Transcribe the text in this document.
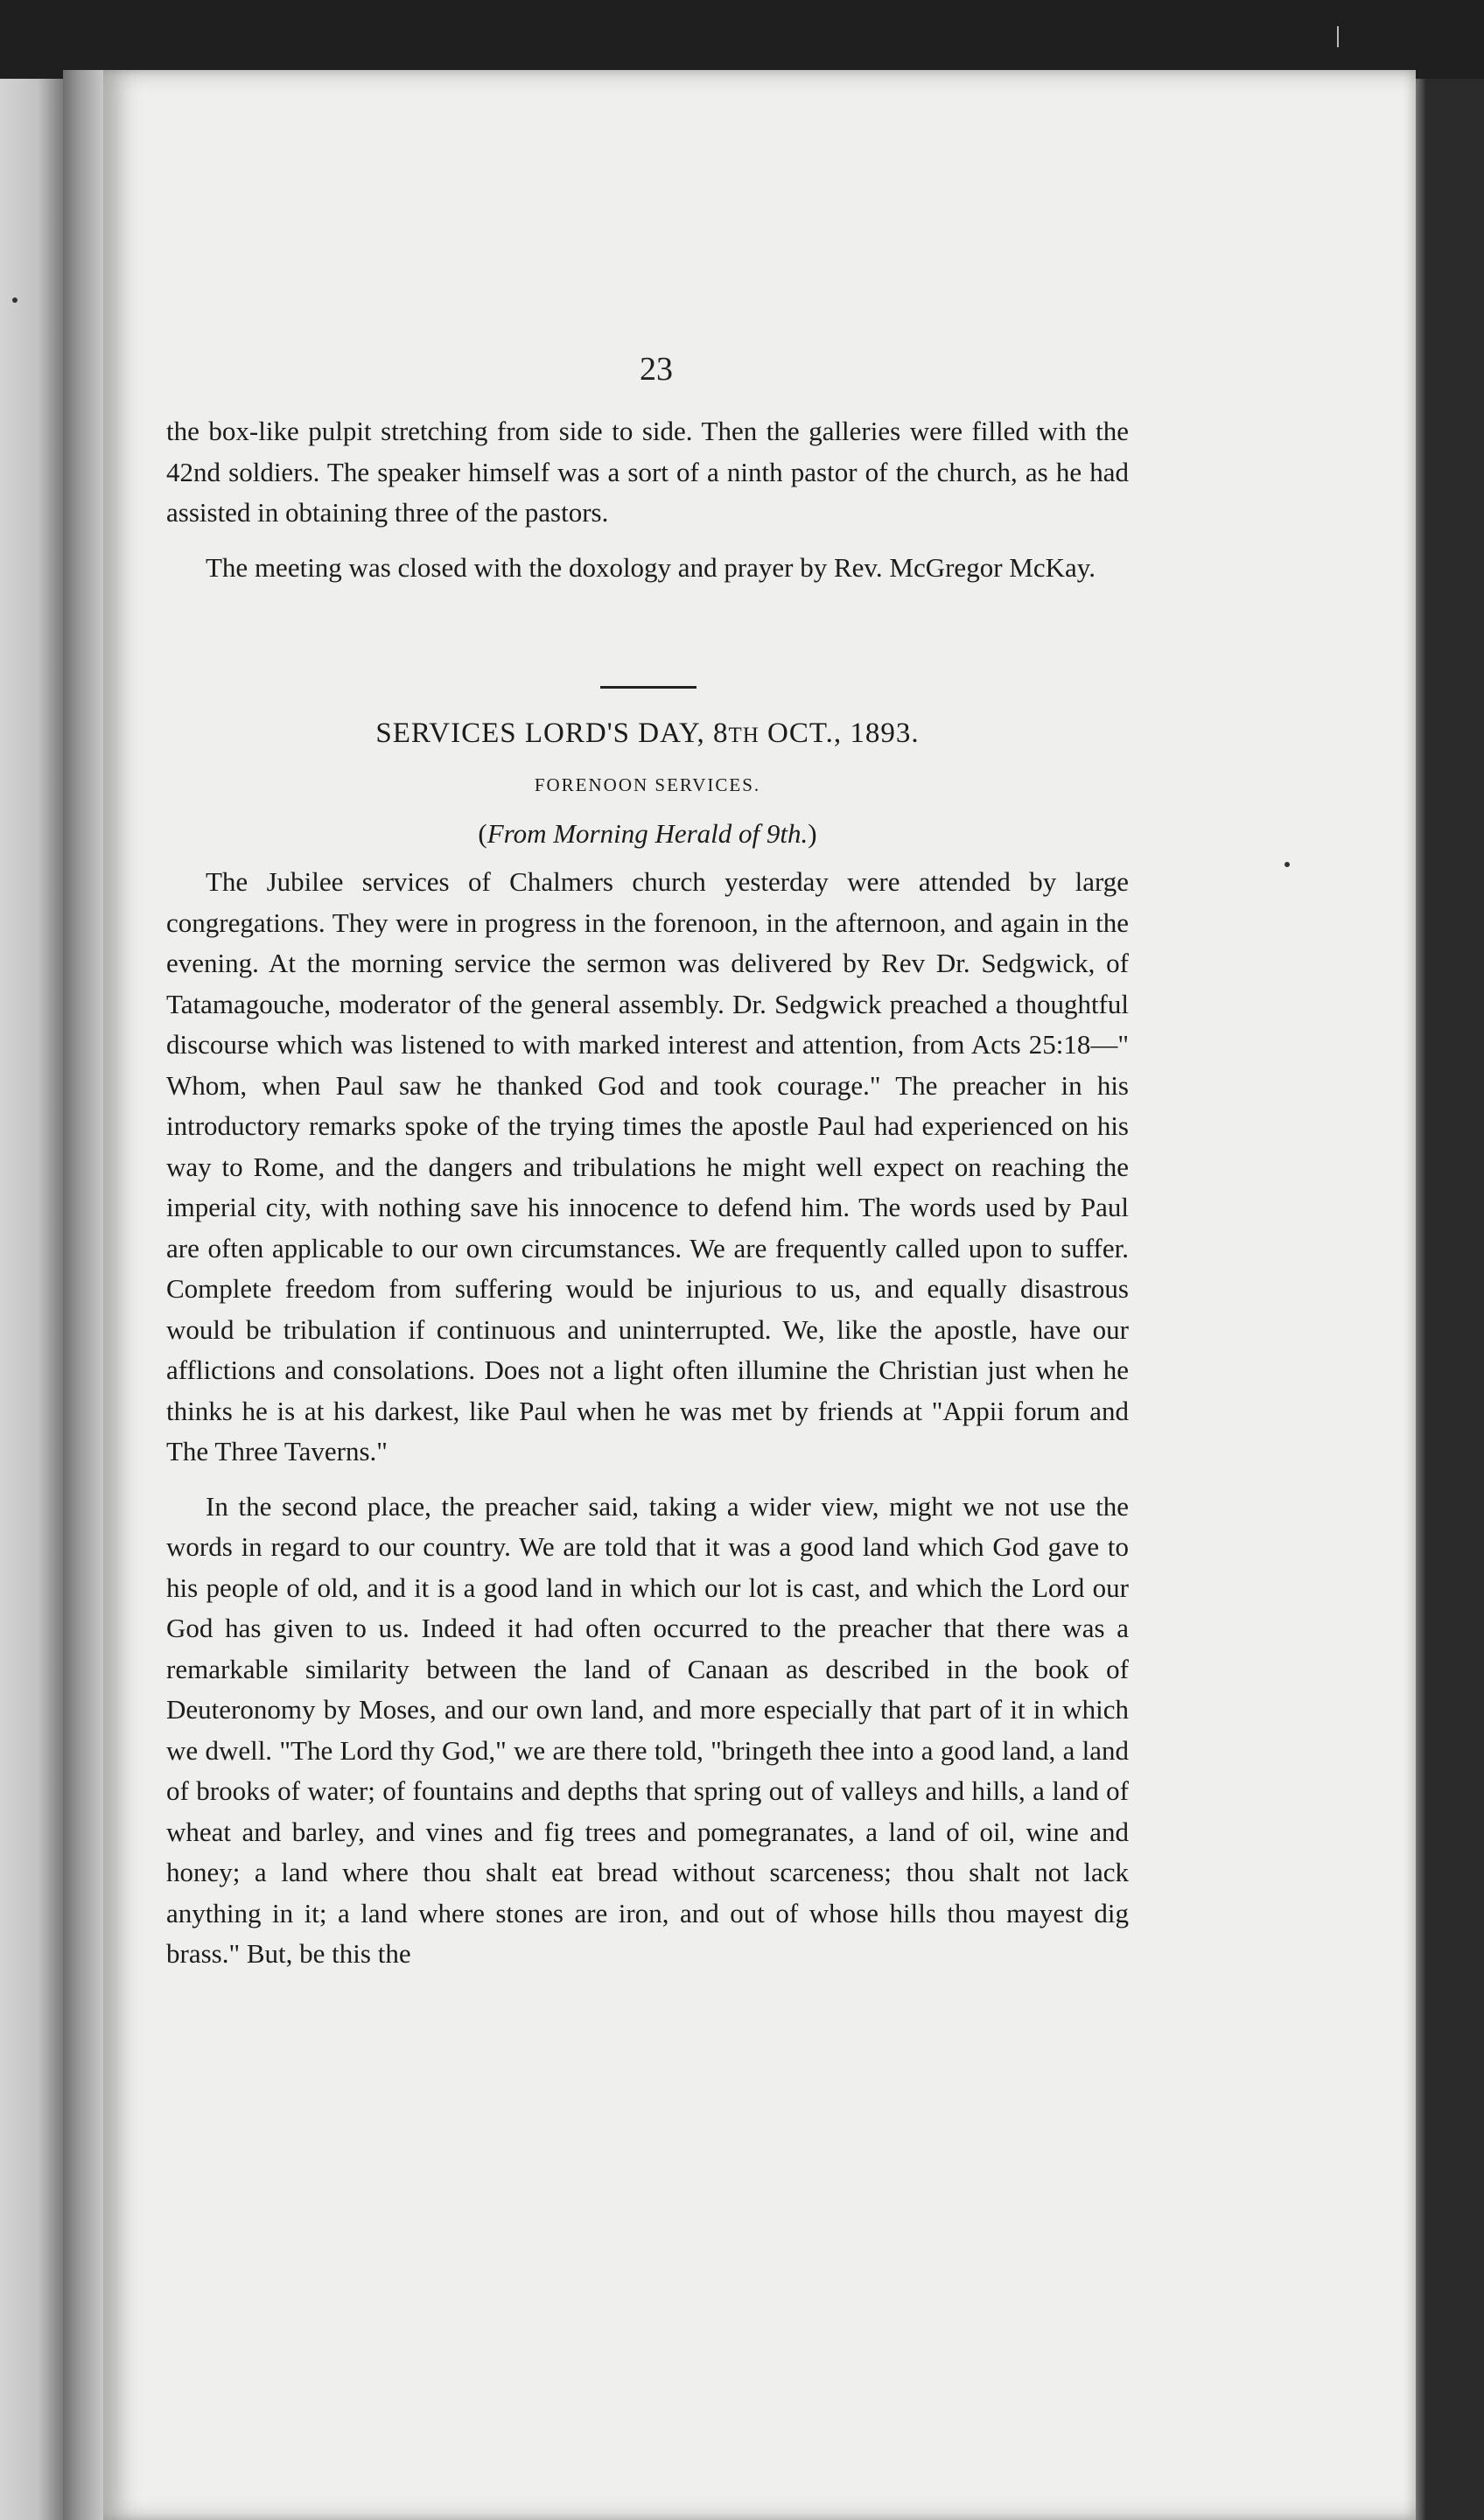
23

the box-like pulpit stretching from side to side. Then the galleries were filled with the 42nd soldiers. The speaker himself was a sort of a ninth pastor of the church, as he had assisted in obtaining three of the pastors.

The meeting was closed with the doxology and prayer by Rev. McGregor McKay.

SERVICES LORD'S DAY, 8TH OCT., 1893.
FORENOON SERVICES.
(From Morning Herald of 9th.)

The Jubilee services of Chalmers church yesterday were attended by large congregations. They were in progress in the forenoon, in the afternoon, and again in the evening. At the morning service the sermon was delivered by Rev Dr. Sedgwick, of Tatamagouche, moderator of the general assembly. Dr. Sedgwick preached a thoughtful discourse which was listened to with marked interest and attention, from Acts 25:18—" Whom, when Paul saw he thanked God and took courage." The preacher in his introductory remarks spoke of the trying times the apostle Paul had experienced on his way to Rome, and the dangers and tribulations he might well expect on reaching the imperial city, with nothing save his innocence to defend him. The words used by Paul are often applicable to our own circumstances. We are frequently called upon to suffer. Complete freedom from suffering would be injurious to us, and equally disastrous would be tribulation if continuous and uninterrupted. We, like the apostle, have our afflictions and consolations. Does not a light often illumine the Christian just when he thinks he is at his darkest, like Paul when he was met by friends at "Appii forum and The Three Taverns."

In the second place, the preacher said, taking a wider view, might we not use the words in regard to our country. We are told that it was a good land which God gave to his people of old, and it is a good land in which our lot is cast, and which the Lord our God has given to us. Indeed it had often occurred to the preacher that there was a remarkable similarity between the land of Canaan as described in the book of Deuteronomy by Moses, and our own land, and more especially that part of it in which we dwell. "The Lord thy God," we are there told, "bringeth thee into a good land, a land of brooks of water; of fountains and depths that spring out of valleys and hills, a land of wheat and barley, and vines and fig trees and pomegranates, a land of oil, wine and honey; a land where thou shalt eat bread without scarceness; thou shalt not lack anything in it; a land where stones are iron, and out of whose hills thou mayest dig brass." But, be this the
